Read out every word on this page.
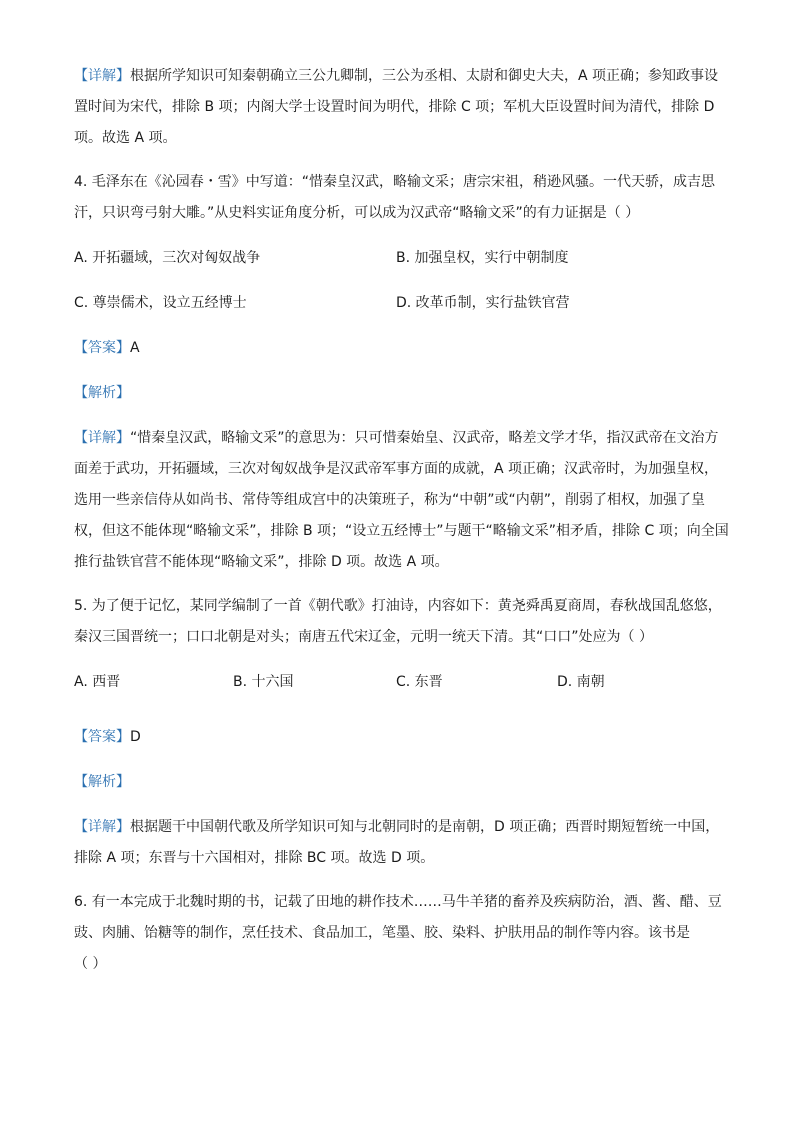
【详解】根据所学知识可知秦朝确立三公九卿制，三公为丞相、太尉和御史大夫，A 项正确；参知政事设
置时间为宋代，排除 B 项；内阁大学士设置时间为明代，排除 C 项；军机大臣设置时间为清代，排除 D
项。故选 A 项。
4. 毛泽东在《沁园春・雪》中写道：“惜秦皇汉武，略输文采；唐宗宋祖，稍逊风骚。一代天骄，成吉思
汗，只识弯弓射大雕。”从史料实证角度分析，可以成为汉武帝“略输文采”的有力证据是（ ）
A. 开拓疆域，三次对匈奴战争	B. 加强皇权，实行中朝制度
C. 尊崇儒术，设立五经博士	D. 改革币制，实行盐铁官营
【答案】A
【解析】
【详解】“惜秦皇汉武，略输文采”的意思为：只可惜秦始皇、汉武帝，略差文学才华，指汉武帝在文治方
面差于武功，开拓疆域，三次对匈奴战争是汉武帝军事方面的成就，A 项正确；汉武帝时，为加强皇权，
选用一些亲信侍从如尚书、常侍等组成宫中的决策班子，称为“中朝”或“内朝”，削弱了相权，加强了皇
权，但这不能体现“略输文采”，排除 B 项；“设立五经博士”与题干“略输文采”相矛盾，排除 C 项；向全国
推行盐铁官营不能体现“略输文采”，排除 D 项。故选 A 项。
5. 为了便于记忆，某同学编制了一首《朝代歌》打油诗，内容如下：黄尧舜禹夏商周，春秋战国乱悠悠，
秦汉三国晋统一；口口北朝是对头；南唐五代宋辽金，元明一统天下清。其“口口”处应为（ ）
A. 西晋	B. 十六国	C. 东晋	D. 南朝
【答案】D
【解析】
【详解】根据题干中国朝代歌及所学知识可知与北朝同时的是南朝，D 项正确；西晋时期短暂统一中国，
排除 A 项；东晋与十六国相对，排除 BC 项。故选 D 项。
6. 有一本完成于北魏时期的书，记载了田地的耕作技术……马牛羊猪的畜养及疾病防治，酒、酱、醋、豆
豉、肉脯、饴糖等的制作，烹任技术、食品加工，笔墨、胶、染料、护肤用品的制作等内容。该书是
（ ）
